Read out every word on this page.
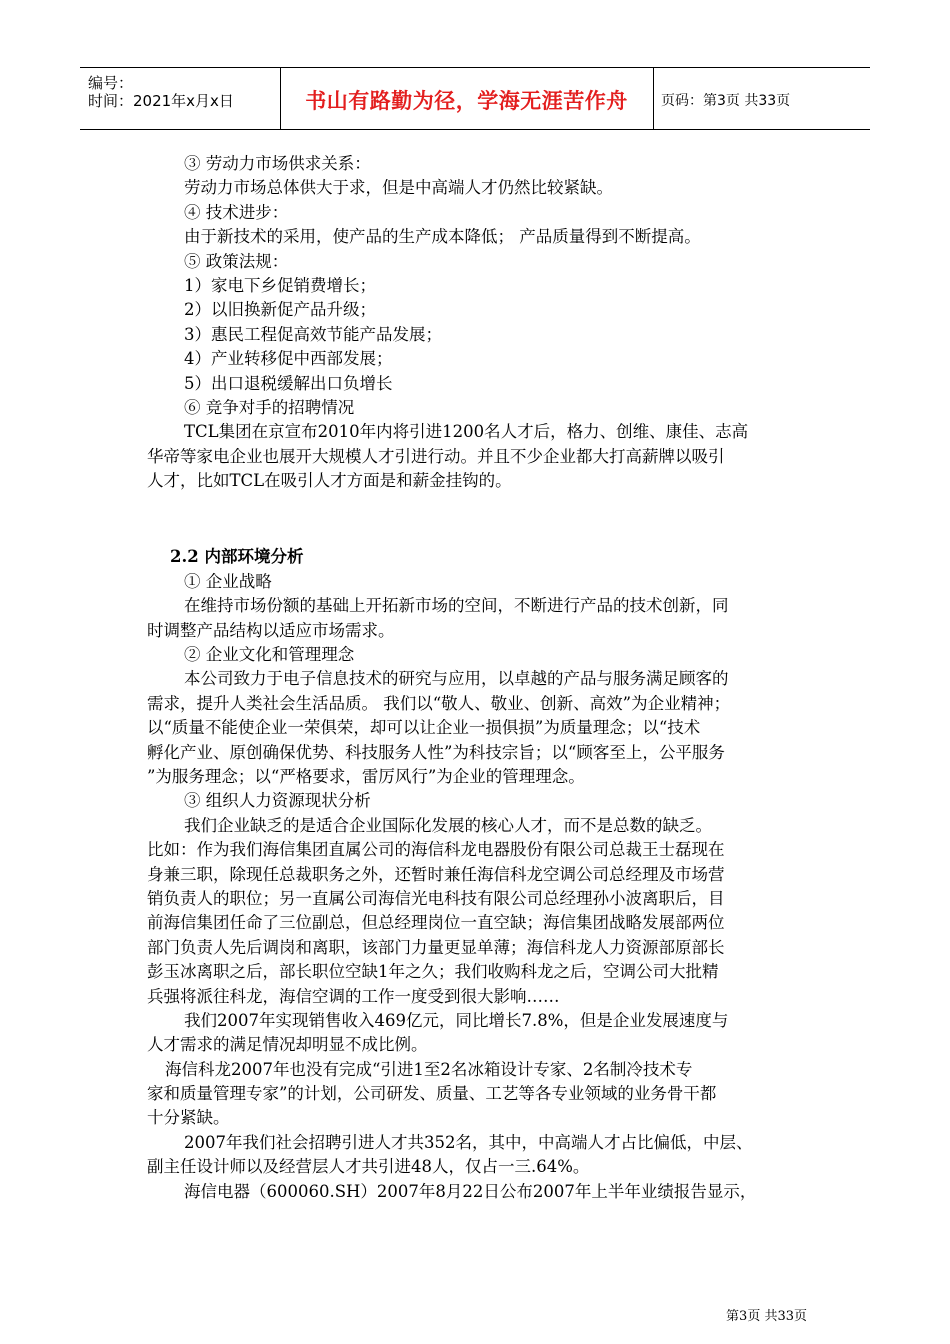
编号：
时间：2021年x月x日	书山有路勤为径，学海无涯苦作舟	页码：第3页 共33页
③ 劳动力市场供求关系：
劳动力市场总体供大于求，但是中高端人才仍然比较紧缺。
④ 技术进步：
由于新技术的采用，使产品的生产成本降低； 产品质量得到不断提高。
⑤ 政策法规：
1）家电下乡促销费增长；
2）以旧换新促产品升级；
3）惠民工程促高效节能产品发展；
4）产业转移促中西部发展；
5）出口退税缓解出口负增长
⑥ 竞争对手的招聘情况
TCL集团在京宣布2010年内将引进1200名人才后，格力、创维、康佳、志高
华帝等家电企业也展开大规模人才引进行动。并且不少企业都大打高薪牌以吸引
人才，比如TCL在吸引人才方面是和薪金挂钩的。
2.2 内部环境分析
① 企业战略
在维持市场份额的基础上开拓新市场的空间，不断进行产品的技术创新，同
时调整产品结构以适应市场需求。
② 企业文化和管理理念
本公司致力于电子信息技术的研究与应用，以卓越的产品与服务满足顾客的
需求，提升人类社会生活品质。 我们以“敬人、敬业、创新、高效”为企业精神；
以“质量不能使企业一荣俱荣，却可以让企业一损俱损”为质量理念；以“技术
孵化产业、原创确保优势、科技服务人性”为科技宗旨；以“顾客至上，公平服务
”为服务理念；以“严格要求，雷厉风行”为企业的管理理念。
③ 组织人力资源现状分析
我们企业缺乏的是适合企业国际化发展的核心人才，而不是总数的缺乏。
比如：作为我们海信集团直属公司的海信科龙电器股份有限公司总裁王士磊现在
身兼三职，除现任总裁职务之外，还暂时兼任海信科龙空调公司总经理及市场营
销负责人的职位；另一直属公司海信光电科技有限公司总经理孙小波离职后，目
前海信集团任命了三位副总，但总经理岗位一直空缺；海信集团战略发展部两位
部门负责人先后调岗和离职，该部门力量更显单薄；海信科龙人力资源部原部长
彭玉冰离职之后，部长职位空缺1年之久；我们收购科龙之后，空调公司大批精
兵强将派往科龙，海信空调的工作一度受到很大影响……
我们2007年实现销售收入469亿元，同比增长7.8%，但是企业发展速度与
人才需求的满足情况却明显不成比例。
海信科龙2007年也没有完成“引进1至2名冰箱设计专家、2名制冷技术专
家和质量管理专家”的计划，公司研发、质量、工艺等各专业领域的业务骨干都
十分紧缺。
2007年我们社会招聘引进人才共352名，其中，中高端人才占比偏低，中层、
副主任设计师以及经营层人才共引进48人，仅占一三.64%。
海信电器（600060.SH）2007年8月22日公布2007年上半年业绩报告显示，
第3页 共33页
